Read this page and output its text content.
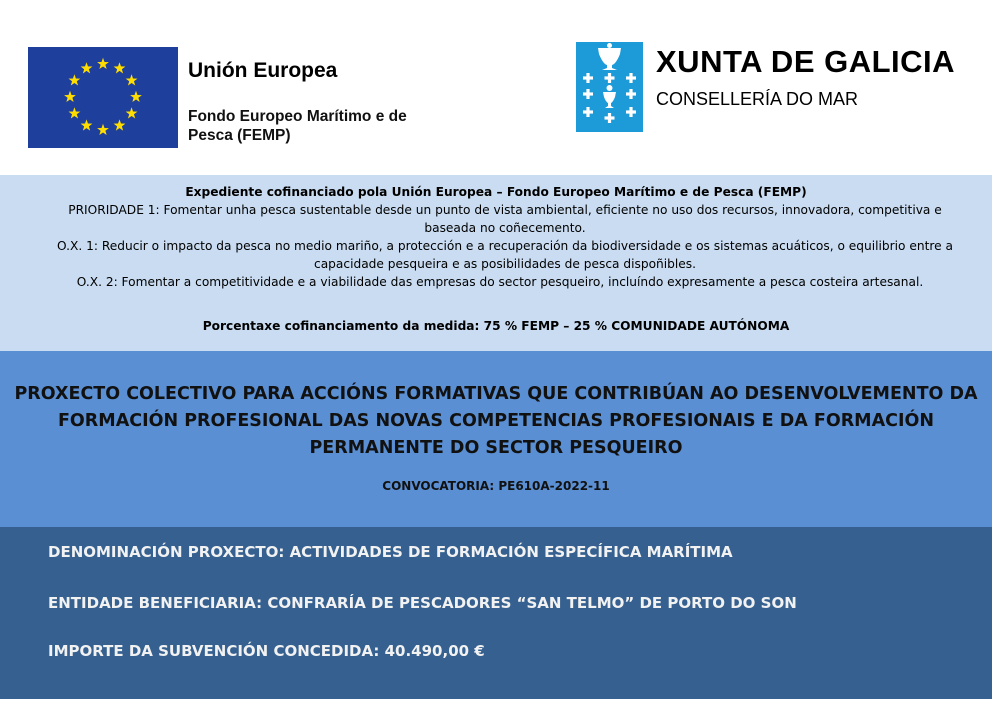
Unión Europea
Fondo Europeo Marítimo e de Pesca (FEMP)
XUNTA DE GALICIA
CONSELLERÍA DO MAR

Expediente cofinanciado pola Unión Europea – Fondo Europeo Marítimo e de Pesca (FEMP)

PRIORIDADE 1: Fomentar unha pesca sustentable desde un punto de vista ambiental, eficiente no uso dos recursos, innovadora, competitiva e baseada no coñecemento.

O.X. 1: Reducir o impacto da pesca no medio mariño, a protección e a recuperación da biodiversidade e os sistemas acuáticos, o equilibrio entre a capacidade pesqueira e as posibilidades de pesca dispoñibles.

O.X. 2: Fomentar a competitividade e a viabilidade das empresas do sector pesqueiro, incluíndo expresamente a pesca costeira artesanal.

Porcentaxe cofinanciamento da medida: 75 % FEMP – 25 % COMUNIDADE AUTÓNOMA

PROXECTO COLECTIVO PARA ACCIÓNS FORMATIVAS QUE CONTRIBÚAN AO DESENVOLVEMENTO DA FORMACIÓN PROFESIONAL DAS NOVAS COMPETENCIAS PROFESIONAIS E DA FORMACIÓN PERMANENTE DO SECTOR PESQUEIRO

CONVOCATORIA: PE610A-2022-11

DENOMINACIÓN PROXECTO: ACTIVIDADES DE FORMACIÓN ESPECÍFICA MARÍTIMA

ENTIDADE BENEFICIARIA: CONFRARÍA DE PESCADORES “SAN TELMO” DE PORTO DO SON

IMPORTE DA SUBVENCIÓN CONCEDIDA: 40.490,00 €
